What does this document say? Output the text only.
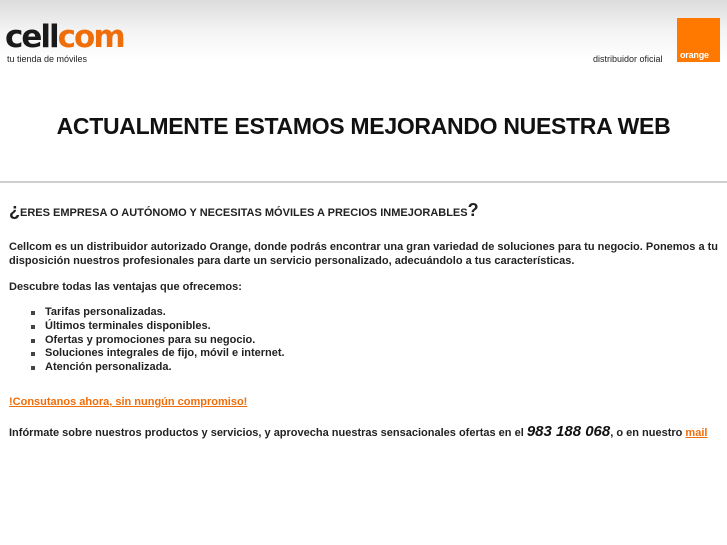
cellcom
tu tienda de móviles	distribuidor oficial orange
ACTUALMENTE ESTAMOS MEJORANDO NUESTRA WEB
¿ERES EMPRESA O AUTÓNOMO Y NECESITAS MÓVILES A PRECIOS INMEJORABLES?

Cellcom es un distribuidor autorizado Orange, donde podrás encontrar una gran variedad de soluciones para tu negocio. Ponemos a tu disposición nuestros profesionales para darte un servicio personalizado, adecuándolo a tus características.

Descubre todas las ventajas que ofrecemos:

Tarifas personalizadas.
Últimos terminales disponibles.
Ofertas y promociones para su negocio.
Soluciones integrales de fijo, móvil e internet.
Atención personalizada.
!Consutanos ahora, sin nungún compromiso!

Infórmate sobre nuestros productos y servicios, y aprovecha nuestras sensacionales ofertas en el 983 188 068, o en nuestro mail
